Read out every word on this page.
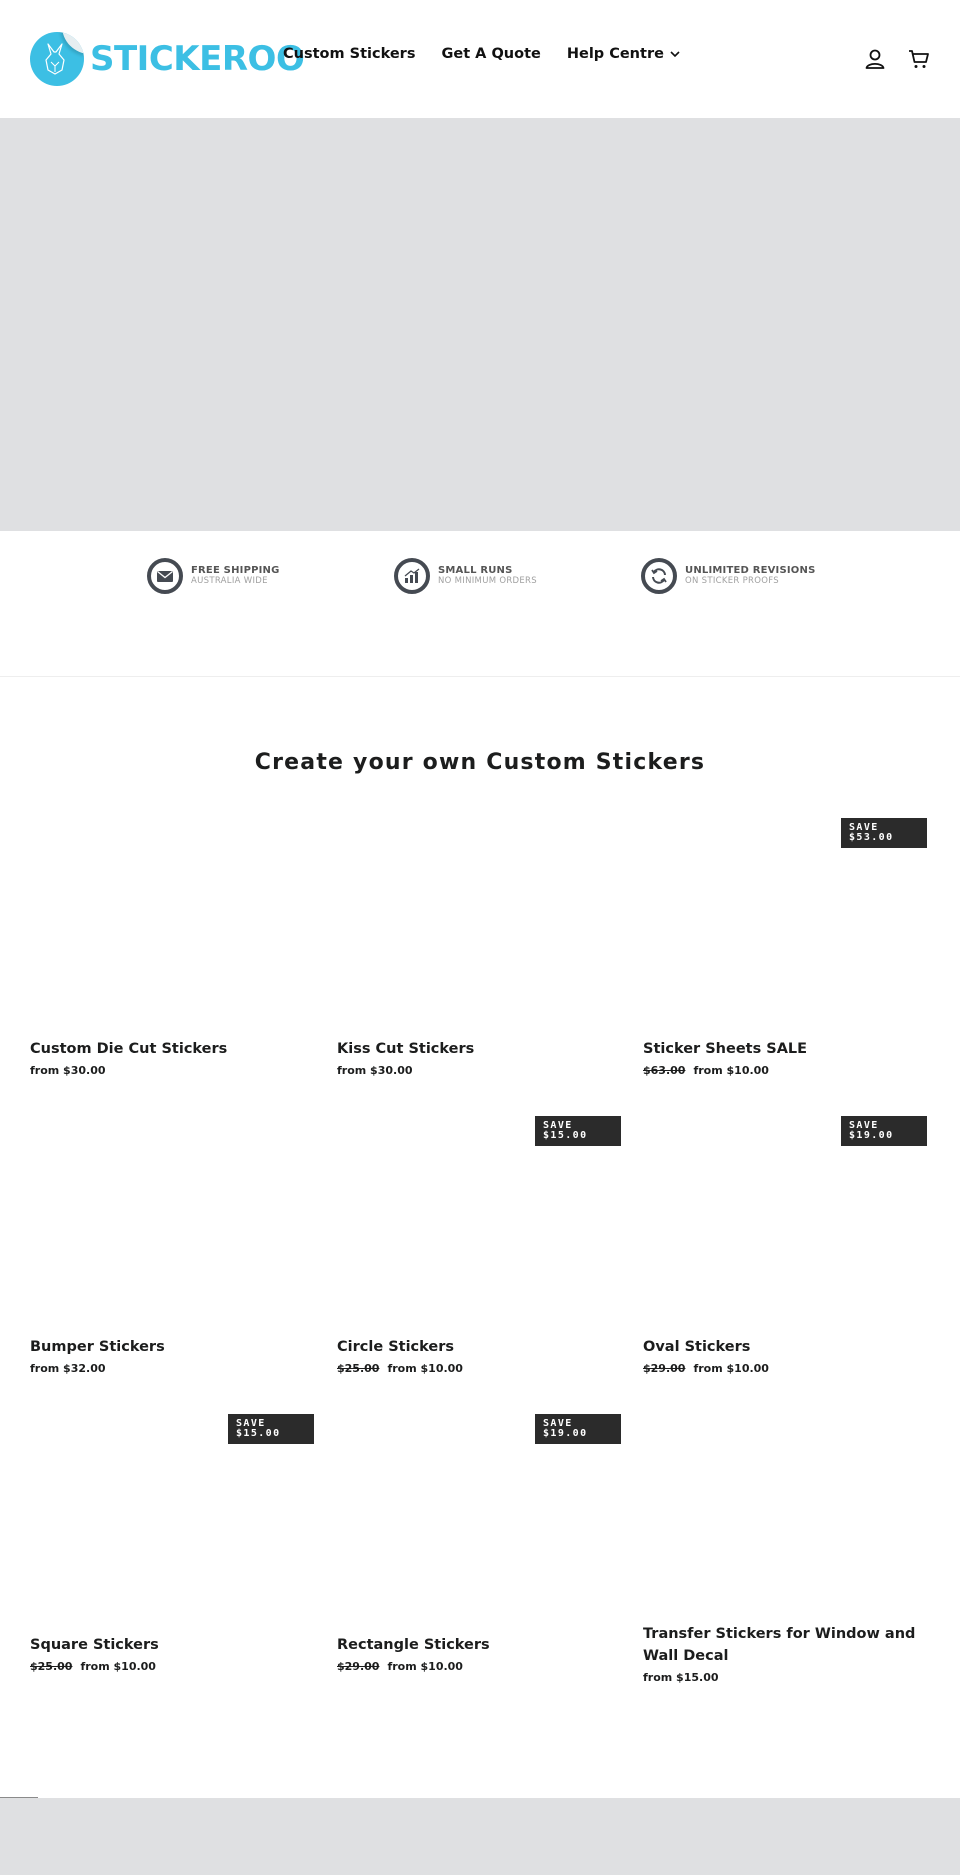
STICKEROO
Custom Stickers Get A Quote Help Centre
FREE SHIPPING
AUSTRALIA WIDE
SMALL RUNS
NO MINIMUM ORDERS
UNLIMITED REVISIONS
ON STICKER PROOFS
Create your own Custom Stickers
Custom Die Cut Stickers
from $30.00
Kiss Cut Stickers
from $30.00
SAVE
$53.00
Sticker Sheets SALE
$63.00 from $10.00
Bumper Stickers
from $32.00
SAVE
$15.00
Circle Stickers
$25.00 from $10.00
SAVE
$19.00
Oval Stickers
$29.00 from $10.00
SAVE
$15.00
Square Stickers
$25.00 from $10.00
SAVE
$19.00
Rectangle Stickers
$29.00 from $10.00
Transfer Stickers for Window and Wall Decal
from $15.00
